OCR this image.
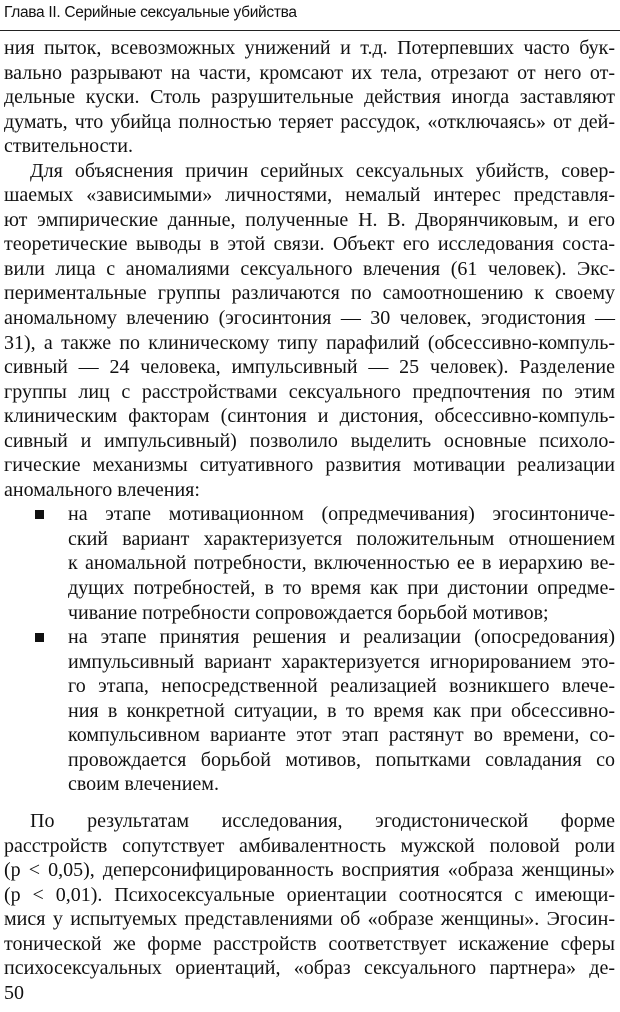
Глава II. Серийные сексуальные убийства
ния пыток, всевозможных унижений и т.д. Потерпевших часто бук-
вально разрывают на части, кромсают их тела, отрезают от него от-
дельные куски. Столь разрушительные действия иногда заставляют
думать, что убийца полностью теряет рассудок, «отключаясь» от дей-
ствительности.
Для объяснения причин серийных сексуальных убийств, совер-
шаемых «зависимыми» личностями, немалый интерес представля-
ют эмпирические данные, полученные Н. В. Дворянчиковым, и его
теоретические выводы в этой связи. Объект его исследования соста-
вили лица с аномалиями сексуального влечения (61 человек). Экс-
периментальные группы различаются по самоотношению к своему
аномальному влечению (эгосинтония — 30 человек, эгодистония —
31), а также по клиническому типу парафилий (обсессивно-компуль-
сивный — 24 человека, импульсивный — 25 человек). Разделение
группы лиц с расстройствами сексуального предпочтения по этим
клиническим факторам (синтония и дистония, обсессивно-компуль-
сивный и импульсивный) позволило выделить основные психоло-
гические механизмы ситуативного развития мотивации реализации
аномального влечения:
на этапе мотивационном (опредмечивания) эгосинтониче-
ский вариант характеризуется положительным отношением
к аномальной потребности, включенностью ее в иерархию ве-
дущих потребностей, в то время как при дистонии опредме-
чивание потребности сопровождается борьбой мотивов;
на этапе принятия решения и реализации (опосредования)
импульсивный вариант характеризуется игнорированием это-
го этапа, непосредственной реализацией возникшего влече-
ния в конкретной ситуации, в то время как при обсессивно-
компульсивном варианте этот этап растянут во времени, со-
провождается борьбой мотивов, попытками совладания со
своим влечением.
По результатам исследования, эгодистонической форме
расстройств сопутствует амбивалентность мужской половой роли
(р < 0,05), деперсонифицированность восприятия «образа женщины»
(р < 0,01). Психосексуальные ориентации соотносятся с имеющи-
мися у испытуемых представлениями об «образе женщины». Эгосин-
тонической же форме расстройств соответствует искажение сферы
психосексуальных ориентаций, «образ сексуального партнера» де-
50
